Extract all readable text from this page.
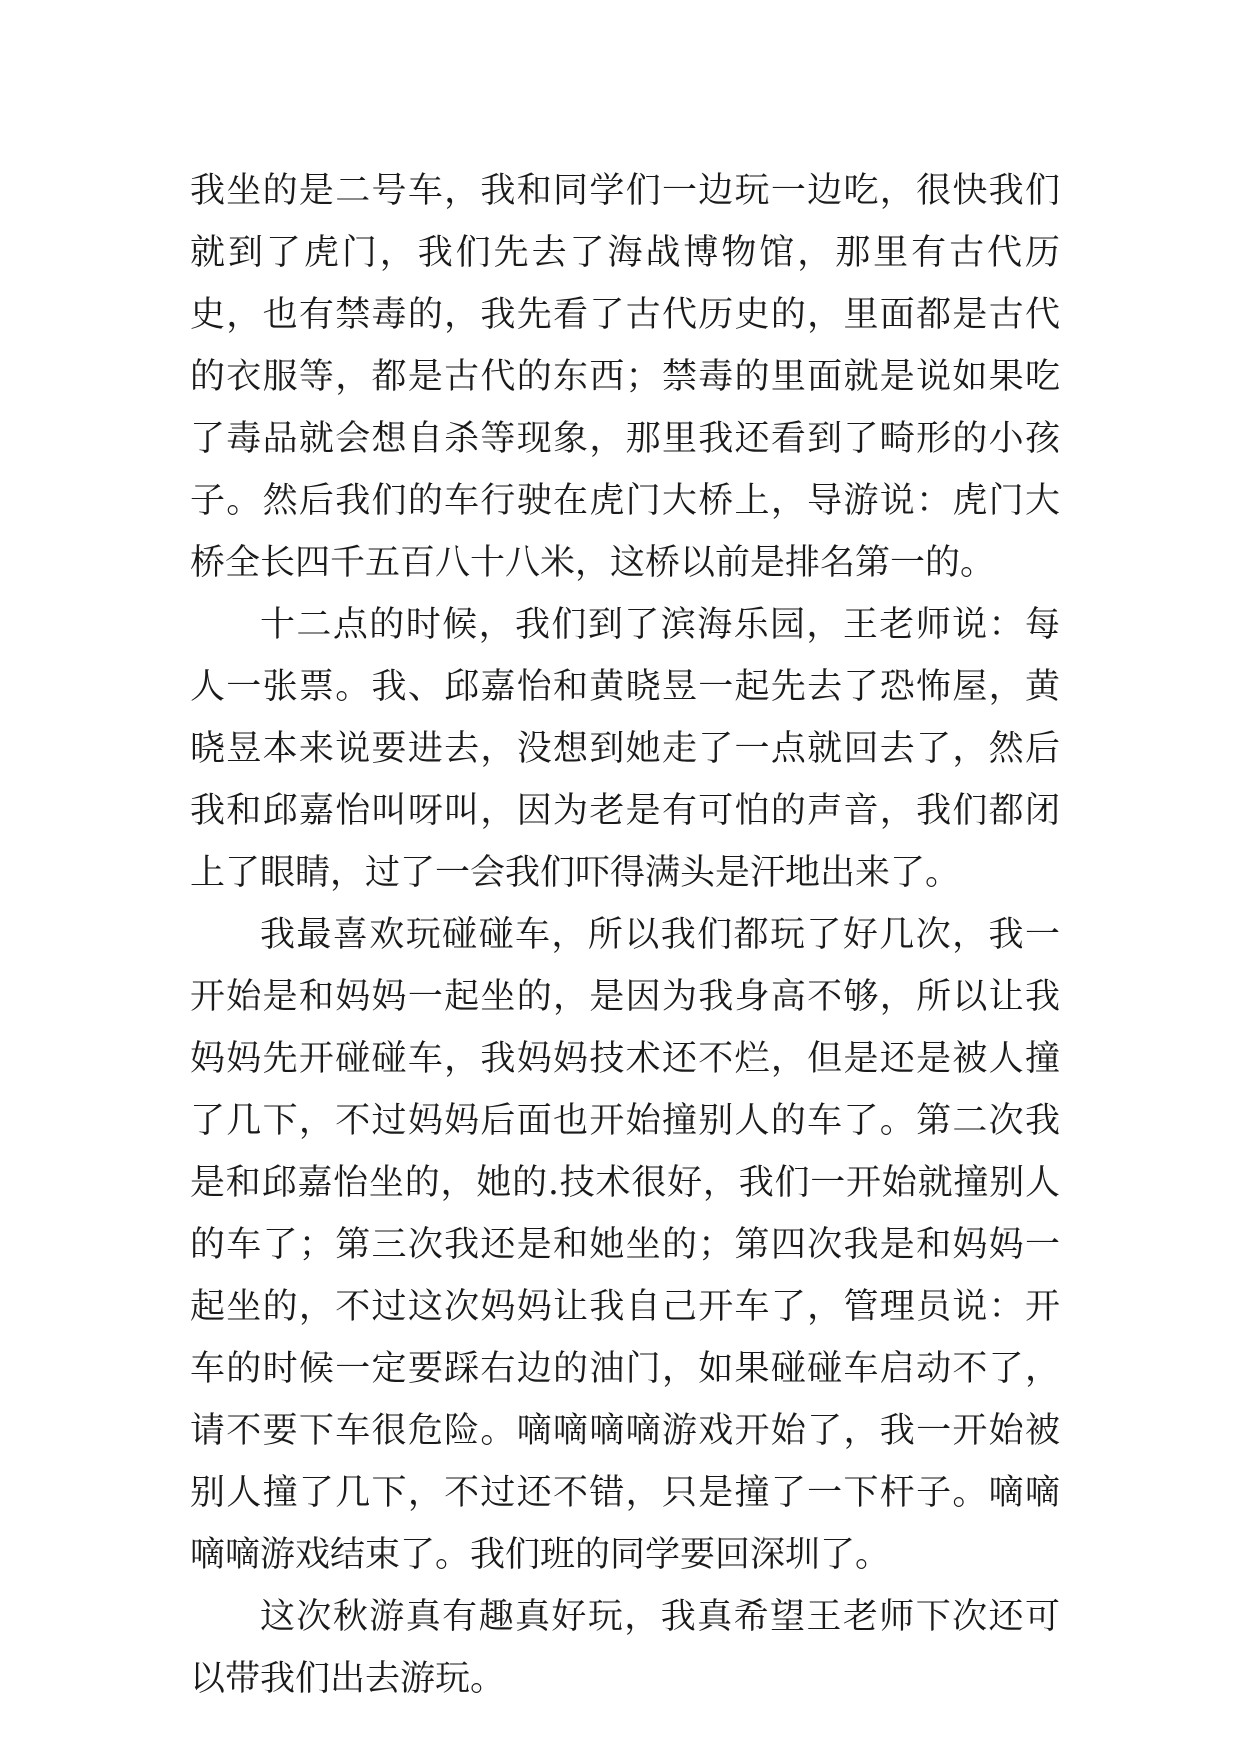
我坐的是二号车，我和同学们一边玩一边吃，很快我们就到了虎门，我们先去了海战博物馆，那里有古代历史，也有禁毒的，我先看了古代历史的，里面都是古代的衣服等，都是古代的东西；禁毒的里面就是说如果吃了毒品就会想自杀等现象，那里我还看到了畸形的小孩子。然后我们的车行驶在虎门大桥上，导游说：虎门大桥全长四千五百八十八米，这桥以前是排名第一的。

十二点的时候，我们到了滨海乐园，王老师说：每人一张票。我、邱嘉怡和黄晓昱一起先去了恐怖屋，黄晓昱本来说要进去，没想到她走了一点就回去了，然后我和邱嘉怡叫呀叫，因为老是有可怕的声音，我们都闭上了眼睛，过了一会我们吓得满头是汗地出来了。

我最喜欢玩碰碰车，所以我们都玩了好几次，我一开始是和妈妈一起坐的，是因为我身高不够，所以让我妈妈先开碰碰车，我妈妈技术还不烂，但是还是被人撞了几下，不过妈妈后面也开始撞别人的车了。第二次我是和邱嘉怡坐的，她的.技术很好，我们一开始就撞别人的车了；第三次我还是和她坐的；第四次我是和妈妈一起坐的，不过这次妈妈让我自己开车了，管理员说：开车的时候一定要踩右边的油门，如果碰碰车启动不了，请不要下车很危险。嘀嘀嘀嘀游戏开始了，我一开始被别人撞了几下，不过还不错，只是撞了一下杆子。嘀嘀嘀嘀游戏结束了。我们班的同学要回深圳了。

这次秋游真有趣真好玩，我真希望王老师下次还可以带我们出去游玩。
